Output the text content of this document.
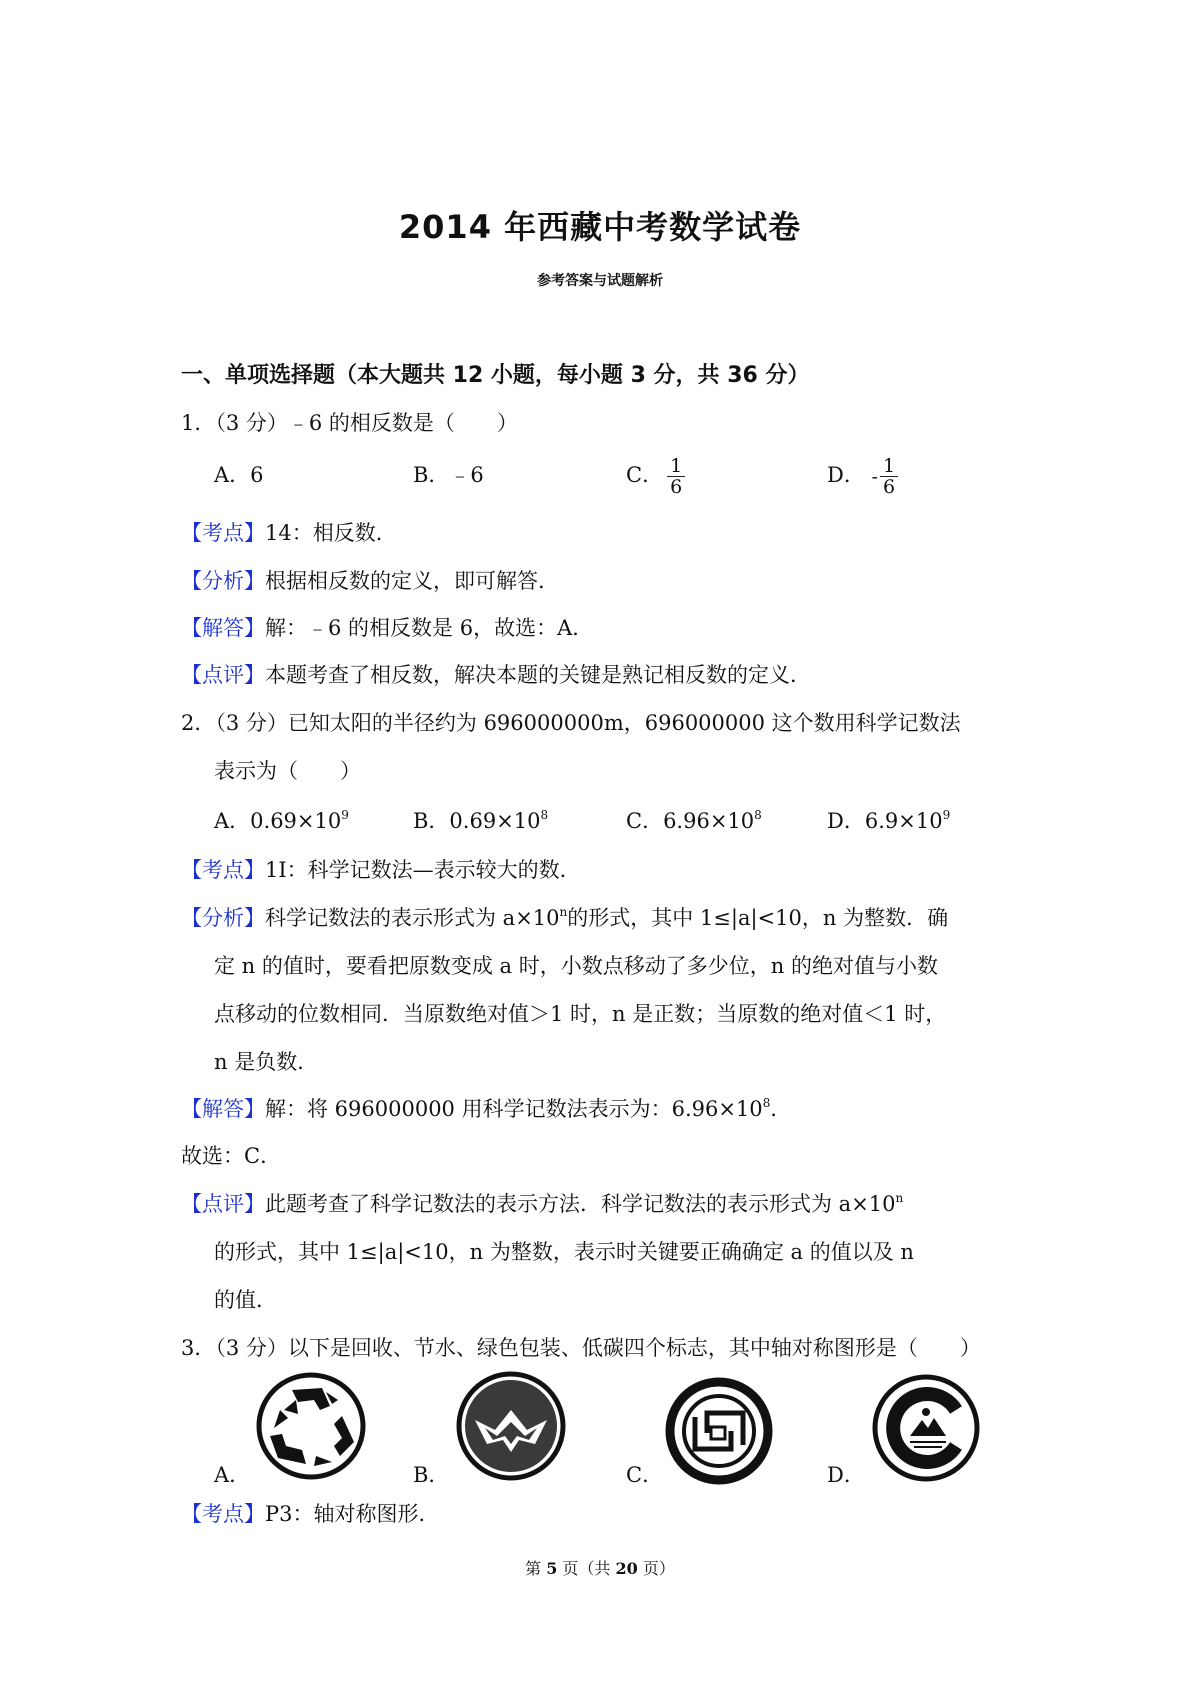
2014 年西藏中考数学试卷
参考答案与试题解析
一、单项选择题（本大题共 12 小题，每小题 3 分，共 36 分）
1．（3 分）﹣6 的相反数是（　　）
A．6	B．﹣6	C． $\frac{1}{6}$	D． - $\frac{1}{6}$
【考点】14：相反数．
【分析】根据相反数的定义，即可解答．
【解答】解：﹣6 的相反数是 6，故选：A．
【点评】本题考查了相反数，解决本题的关键是熟记相反数的定义．
2．（3 分）已知太阳的半径约为 696000000m，696000000 这个数用科学记数法
表示为（　　）
A．$0.69\times 10^9$	B．$0.69\times 10^8$	C．$6.96\times 10^8$	D．$6.9\times 10^9$
【考点】1I：科学记数法—表示较大的数．
【分析】科学记数法的表示形式为 $a\times 10^n$的形式，其中 1≤|a|<10，n 为整数．确
定 n 的值时，要看把原数变成 a 时，小数点移动了多少位，n 的绝对值与小数
点移动的位数相同．当原数绝对值＞1 时，n 是正数；当原数的绝对值＜1 时，
n 是负数．
【解答】解：将 696000000 用科学记数法表示为：$6.96\times 10^8$．
故选：C．
【点评】此题考查了科学记数法的表示方法．科学记数法的表示形式为 $a\times 10^n$
的形式，其中 1≤|a|<10，n 为整数，表示时关键要正确确定 a 的值以及 n
的值．
3．（3 分）以下是回收、节水、绿色包装、低碳四个标志，其中轴对称图形是（　　）
A．	B．	C．	D．
【考点】P3：轴对称图形．
第 5 页（共 20 页）
